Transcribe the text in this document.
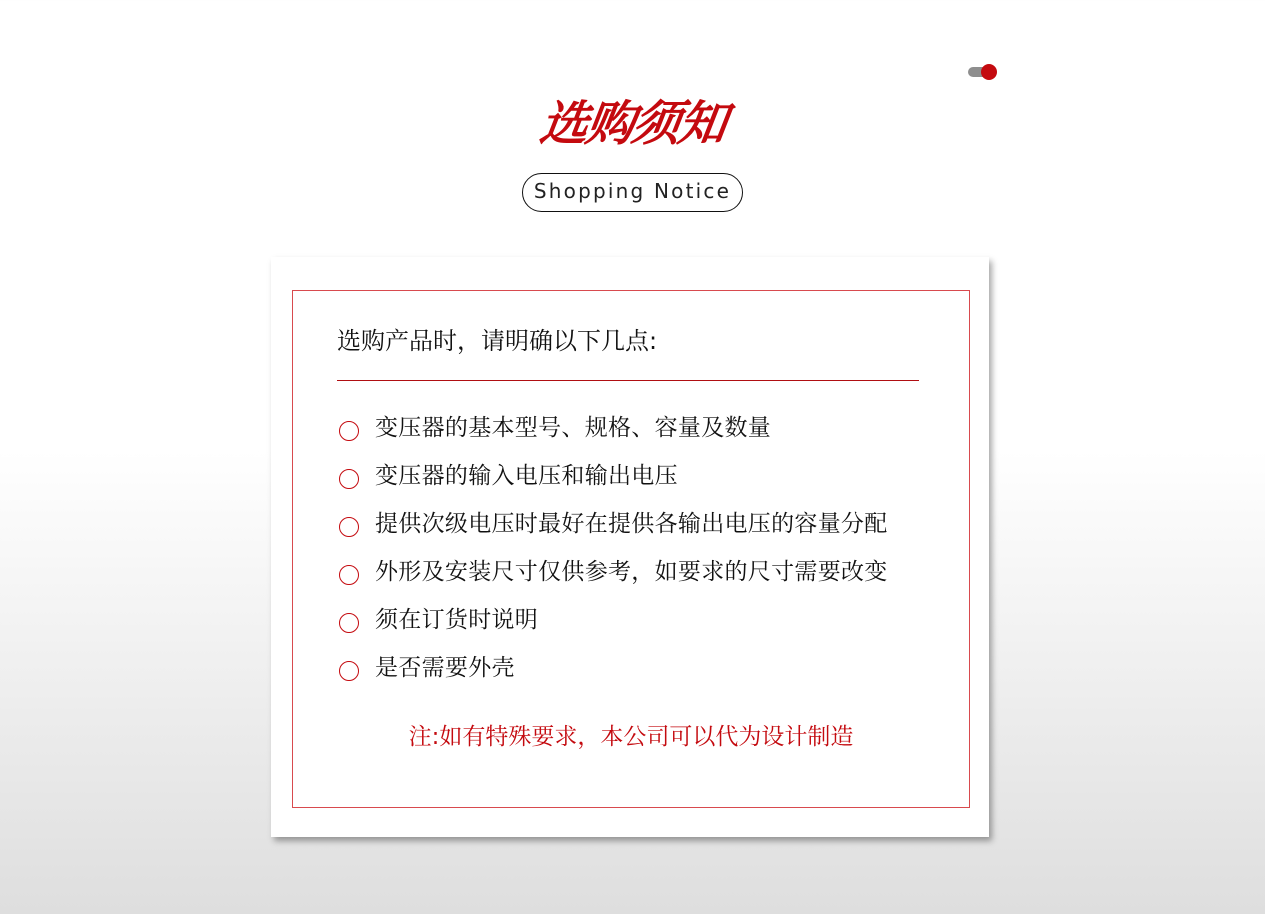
选购须知
Shopping Notice
选购产品时，请明确以下几点:
变压器的基本型号、规格、容量及数量
变压器的输入电压和输出电压
提供次级电压时最好在提供各输出电压的容量分配
外形及安装尺寸仅供参考，如要求的尺寸需要改变
须在订货时说明
是否需要外壳
注:如有特殊要求，本公司可以代为设计制造
